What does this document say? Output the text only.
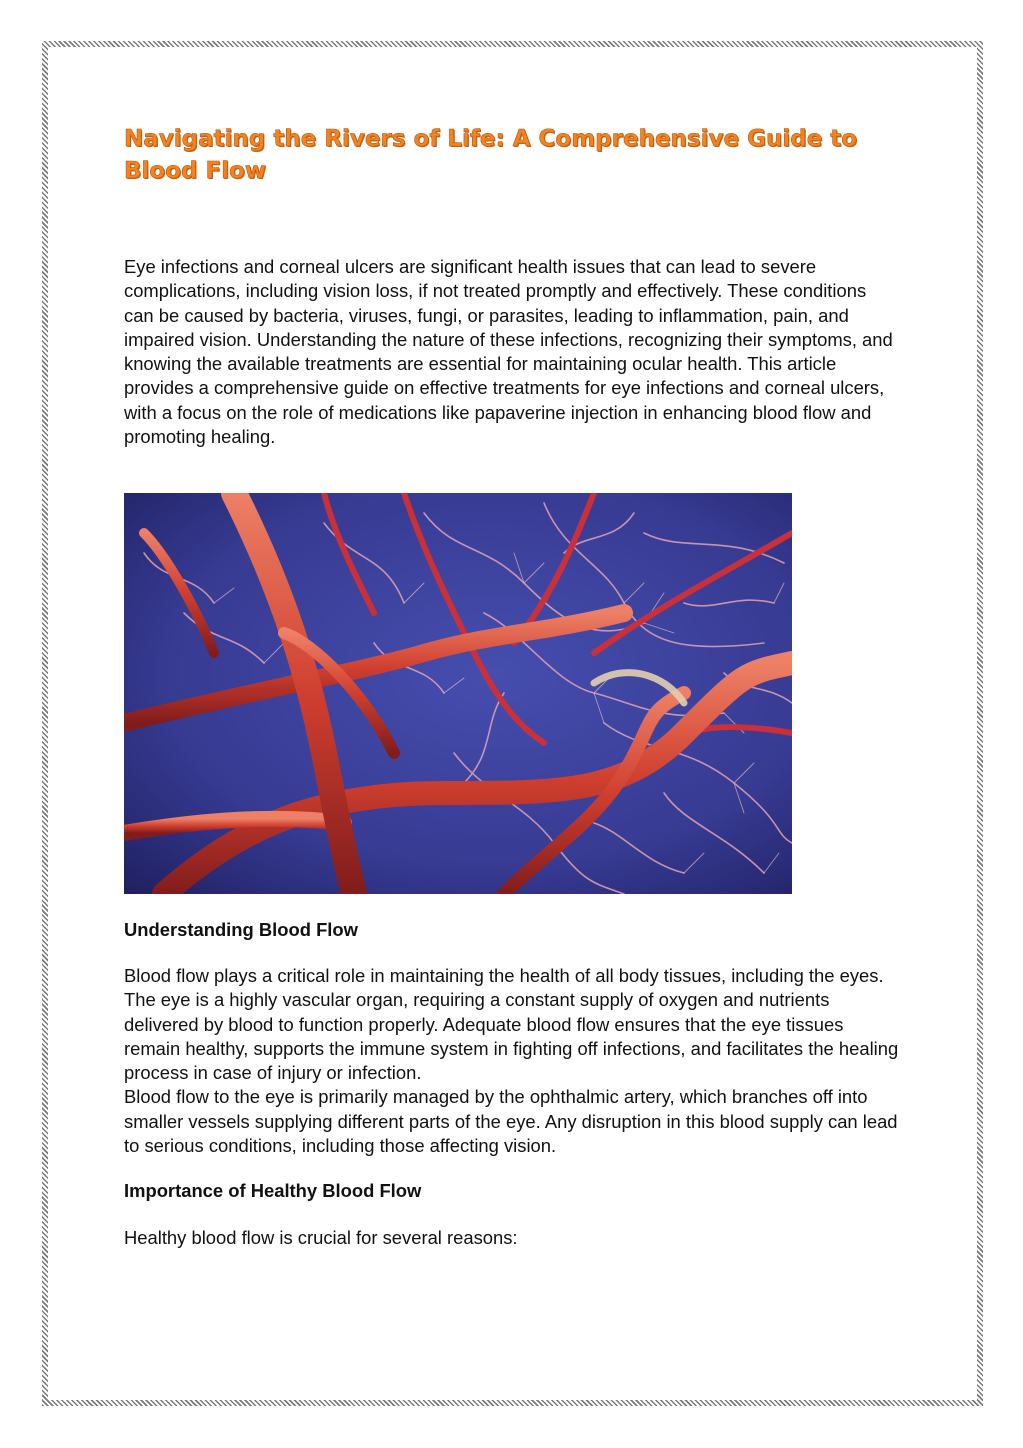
Navigating the Rivers of Life: A Comprehensive Guide to Blood Flow

Eye infections and corneal ulcers are significant health issues that can lead to severe complications, including vision loss, if not treated promptly and effectively. These conditions can be caused by bacteria, viruses, fungi, or parasites, leading to inflammation, pain, and impaired vision. Understanding the nature of these infections, recognizing their symptoms, and knowing the available treatments are essential for maintaining ocular health. This article provides a comprehensive guide on effective treatments for eye infections and corneal ulcers, with a focus on the role of medications like papaverine injection in enhancing blood flow and promoting healing.

Understanding Blood Flow
Blood flow plays a critical role in maintaining the health of all body tissues, including the eyes. The eye is a highly vascular organ, requiring a constant supply of oxygen and nutrients delivered by blood to function properly. Adequate blood flow ensures that the eye tissues remain healthy, supports the immune system in fighting off infections, and facilitates the healing process in case of injury or infection.
Blood flow to the eye is primarily managed by the ophthalmic artery, which branches off into smaller vessels supplying different parts of the eye. Any disruption in this blood supply can lead to serious conditions, including those affecting vision.
Importance of Healthy Blood Flow

Healthy blood flow is crucial for several reasons:
